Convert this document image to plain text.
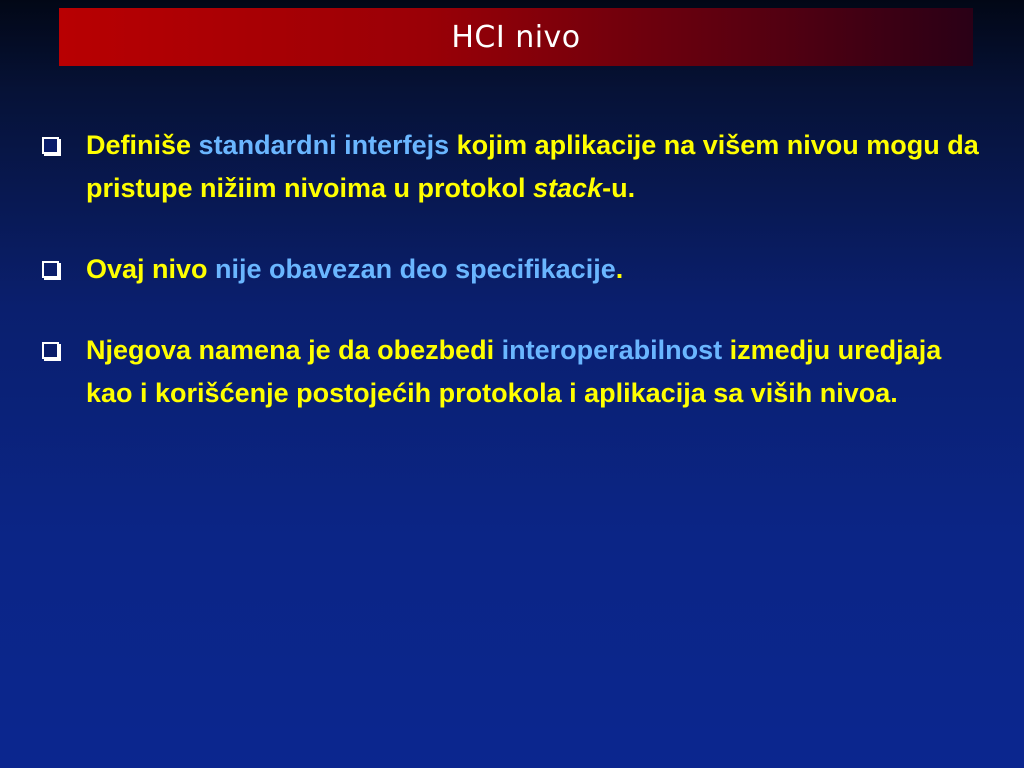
HCI nivo
Definiše standardni interfejs kojim aplikacije na višem nivou mogu da pristupe nižiim nivoima u protokol stack-u.
Ovaj nivo nije obavezan deo specifikacije.
Njegova namena je da obezbedi interoperabilnost izmedju uredjaja kao i korišćenje postojećih protokola i aplikacija sa viših nivoa.
